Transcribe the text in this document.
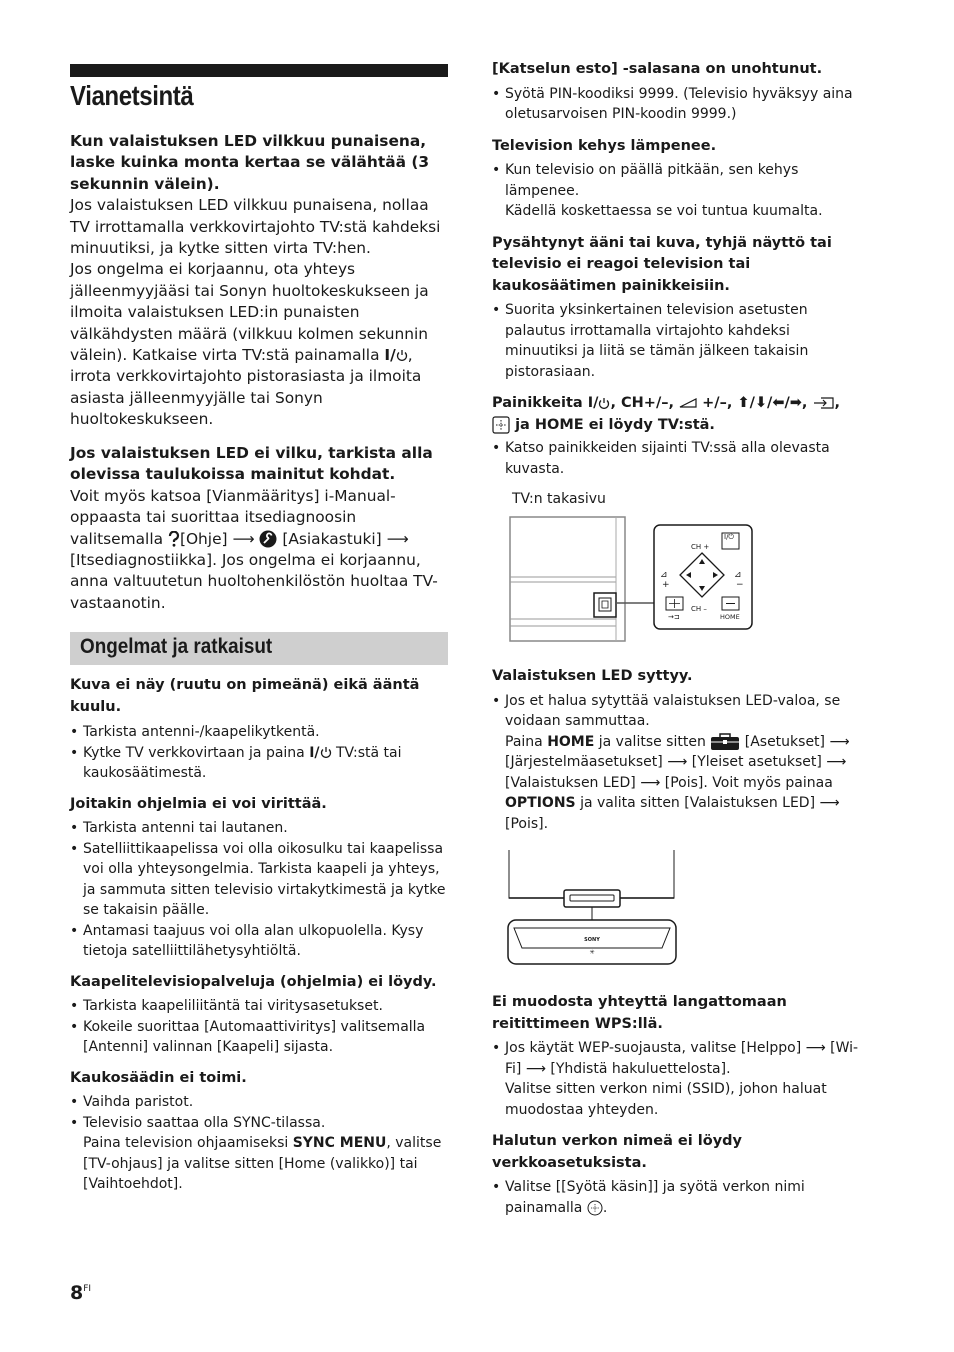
Vianetsintä
Kun valaistuksen LED vilkkuu punaisena, laske kuinka monta kertaa se välähtää (3 sekunnin välein).

Jos valaistuksen LED vilkkuu punaisena, nollaa TV irrottamalla verkkovirtajohto TV:stä kahdeksi minuutiksi, ja kytke sitten virta TV:hen.

Jos ongelma ei korjaannu, ota yhteys jälleenmyyjääsi tai Sonyn huoltokeskukseen ja ilmoita valaistuksen LED:in punaisten välkähdysten määrä (vilkkuu kolmen sekunnin välein). Katkaise virta TV:stä painamalla I/ , irrota verkkovirtajohto pistorasiasta ja ilmoita asiasta jälleenmyyjälle tai Sonyn huoltokeskukseen.

Jos valaistuksen LED ei vilku, tarkista alla olevissa taulukoissa mainitut kohdat.

Voit myös katsoa [Vianmääritys] i-Manual-oppaasta tai suorittaa itsediagnoosin valitsemalla [Ohje] ⟶ [Asiakastuki] ⟶ [Itsediagnostiikka]. Jos ongelma ei korjaannu, anna valtuutetun huoltohenkilöstön huoltaa TV-vastaanotin.

Kuva ei näy (ruutu on pimeänä) eikä ääntä kuulu.
• Tarkista antenni-/kaapelikytkentä.
• Kytke TV verkkovirtaan ja paina I/ TV:stä tai kaukosäätimestä.
Joitakin ohjelmia ei voi virittää.
• Tarkista antenni tai lautanen.
• Satelliittikaapelissa voi olla oikosulku tai kaapelissa voi olla yhteysongelmia. Tarkista kaapeli ja yhteys, ja sammuta sitten televisio virtakytkimestä ja kytke se takaisin päälle.
• Antamasi taajuus voi olla alan ulkopuolella. Kysy tietoja satelliittilähetysyhtiöltä.
Kaapelitelevisiopalveluja (ohjelmia) ei löydy.
• Tarkista kaapeliliitäntä tai viritysasetukset.
• Kokeile suorittaa [Automaattiviritys] valitsemalla [Antenni] valinnan [Kaapeli] sijasta.
Kaukosäädin ei toimi.
• Vaihda paristot.
• Televisio saattaa olla SYNC-tilassa.
Paina television ohjaamiseksi SYNC MENU, valitse [TV-ohjaus] ja valitse sitten [Home (valikko)] tai [Vaihtoehdot].
Ongelmat ja ratkaisut
[Katselun esto] -salasana on unohtunut.
• Syötä PIN-koodiksi 9999. (Televisio hyväksyy aina oletusarvoisen PIN-koodin 9999.)
Television kehys lämpenee.
• Kun televisio on päällä pitkään, sen kehys lämpenee.
Kädellä koskettaessa se voi tuntua kuumalta.
Pysähtynyt ääni tai kuva, tyhjä näyttö tai televisio ei reagoi television tai kaukosäätimen painikkeisiin.
• Suorita yksinkertainen television asetusten palautus irrottamalla virtajohto kahdeksi minuutiksi ja liitä se tämän jälkeen takaisin pistorasiaan.
Painikkeita I/ , CH+/–, +/–, ⬆/⬇/⬅/➡, ,
ja HOME ei löydy TV:stä.
• Katso painikkeiden sijainti TV:ssä alla olevasta kuvasta.
I/⏻
CH +
CH –
⊿
+
⊿
−
→⊐	HOME
TV:n takasivu
Valaistuksen LED syttyy.
• Jos et halua sytyttää valaistuksen LED-valoa, se voidaan sammuttaa.
Paina HOME ja valitse sitten	[Asetukset] ⟶ [Järjestelmäasetukset] ⟶ [Yleiset asetukset] ⟶ [Valaistuksen LED] ⟶ [Pois]. Voit myös painaa OPTIONS ja valita sitten [Valaistuksen LED] ⟶ [Pois].
SONY
✳
Ei muodosta yhteyttä langattomaan reitittimeen WPS:llä.
• Jos käytät WEP-suojausta, valitse [Helppo] ⟶ [Wi-Fi] ⟶ [Yhdistä hakuluettelosta].
Valitse sitten verkon nimi (SSID), johon haluat muodostaa yhteyden.
Halutun verkon nimeä ei löydy verkkoasetuksista.
• Valitse [[Syötä käsin]] ja syötä verkon nimi painamalla .
$8^{FI}$
